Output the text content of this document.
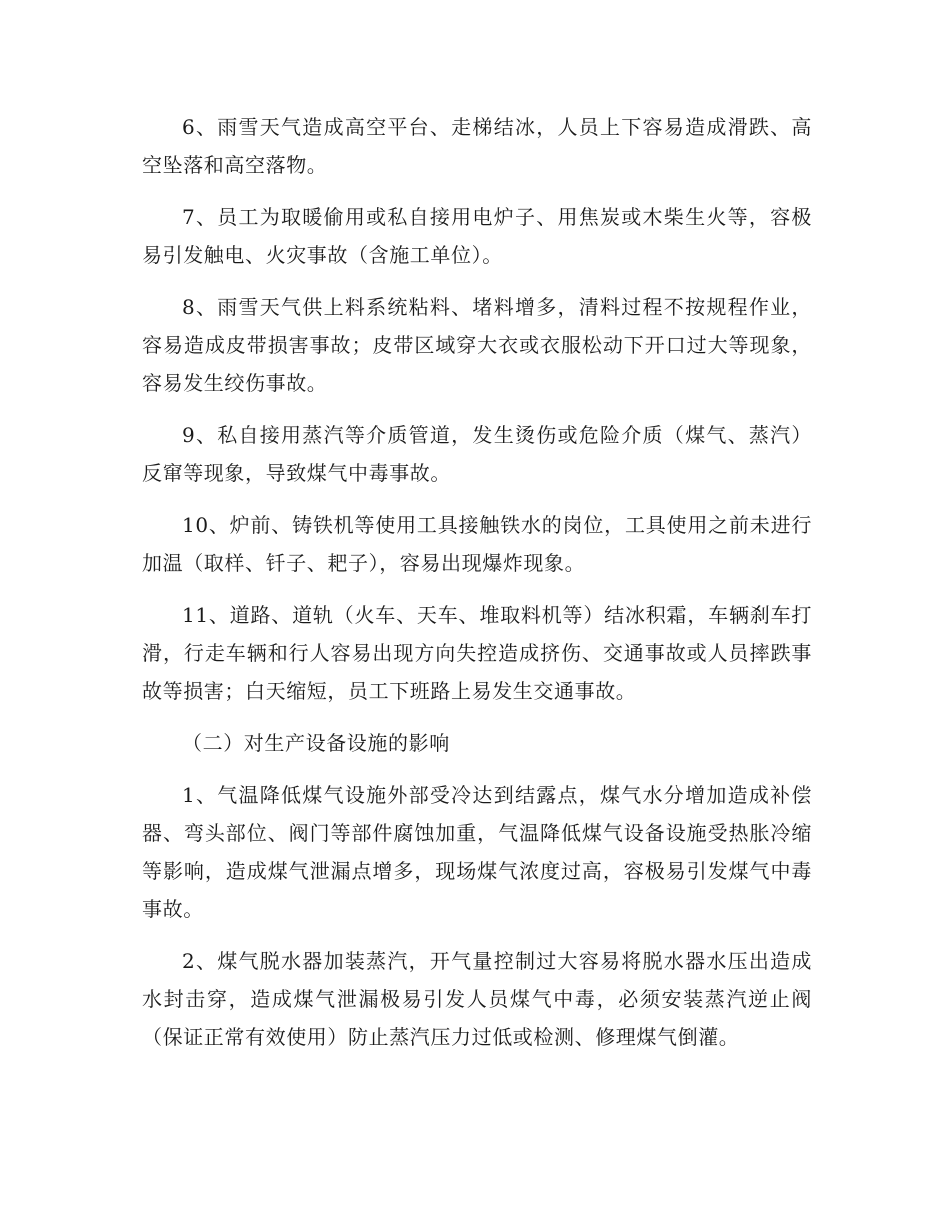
6、雨雪天气造成高空平台、走梯结冰，人员上下容易造成滑跌、高空坠落和高空落物。

7、员工为取暖偷用或私自接用电炉子、用焦炭或木柴生火等，容极易引发触电、火灾事故（含施工单位）。

8、雨雪天气供上料系统粘料、堵料增多，清料过程不按规程作业，容易造成皮带损害事故；皮带区域穿大衣或衣服松动下开口过大等现象，容易发生绞伤事故。

9、私自接用蒸汽等介质管道，发生烫伤或危险介质（煤气、蒸汽）反窜等现象，导致煤气中毒事故。

10、炉前、铸铁机等使用工具接触铁水的岗位，工具使用之前未进行加温（取样、钎子、耙子），容易出现爆炸现象。

11、道路、道轨（火车、天车、堆取料机等）结冰积霜，车辆刹车打滑，行走车辆和行人容易出现方向失控造成挤伤、交通事故或人员摔跌事故等损害；白天缩短，员工下班路上易发生交通事故。

（二）对生产设备设施的影响

1、气温降低煤气设施外部受冷达到结露点，煤气水分增加造成补偿器、弯头部位、阀门等部件腐蚀加重，气温降低煤气设备设施受热胀冷缩等影响，造成煤气泄漏点增多，现场煤气浓度过高，容极易引发煤气中毒事故。

2、煤气脱水器加装蒸汽，开气量控制过大容易将脱水器水压出造成水封击穿，造成煤气泄漏极易引发人员煤气中毒，必须安装蒸汽逆止阀（保证正常有效使用）防止蒸汽压力过低或检测、修理煤气倒灌。
